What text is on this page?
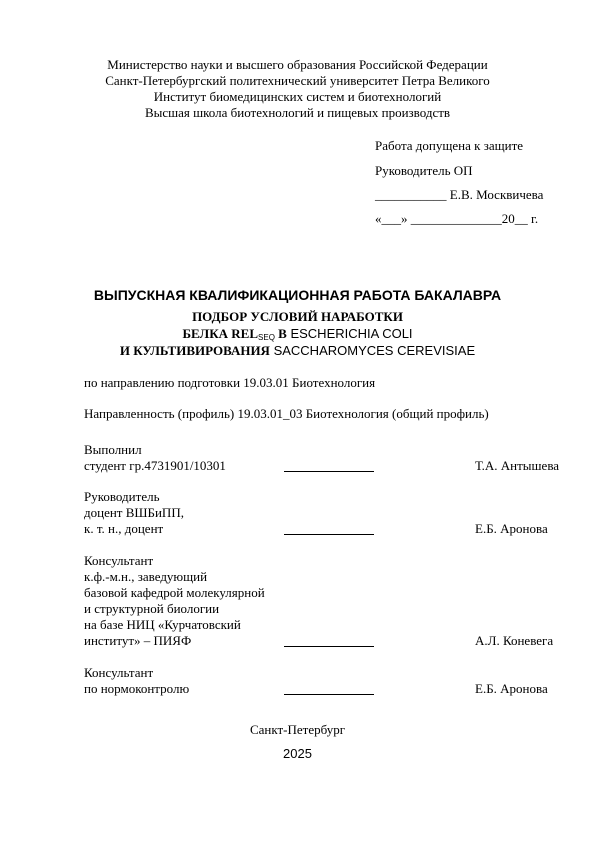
Министерство науки и высшего образования Российской Федерации
Санкт-Петербургский политехнический университет Петра Великого
Институт биомедицинских систем и биотехнологий
Высшая школа биотехнологий и пищевых производств
Работа допущена к защите
Руководитель ОП
___________ Е.В. Москвичева
«___» ______________20__ г.
ВЫПУСКНАЯ КВАЛИФИКАЦИОННАЯ РАБОТА БАКАЛАВРА
ПОДБОР УСЛОВИЙ НАРАБОТКИ
БЕЛКА $REL_{SEQ}$ В ESCHERICHIA COLI
И КУЛЬТИВИРОВАНИЯ SACCHAROMYCES CEREVISIAE
по направлению подготовки 19.03.01 Биотехнология
Направленность (профиль) 19.03.01_03 Биотехнология (общий профиль)
Выполнил
студент гр.4731901/10301	Т.А. Антышева
Руководитель
доцент ВШБиПП,
к. т. н., доцент	Е.Б. Аронова
Консультант
к.ф.-м.н., заведующий
базовой кафедрой молекулярной
и структурной биологии
на базе НИЦ «Курчатовский
институт» – ПИЯФ	А.Л. Коневега
Консультант
по нормоконтролю	Е.Б. Аронова
Санкт-Петербург
2025
